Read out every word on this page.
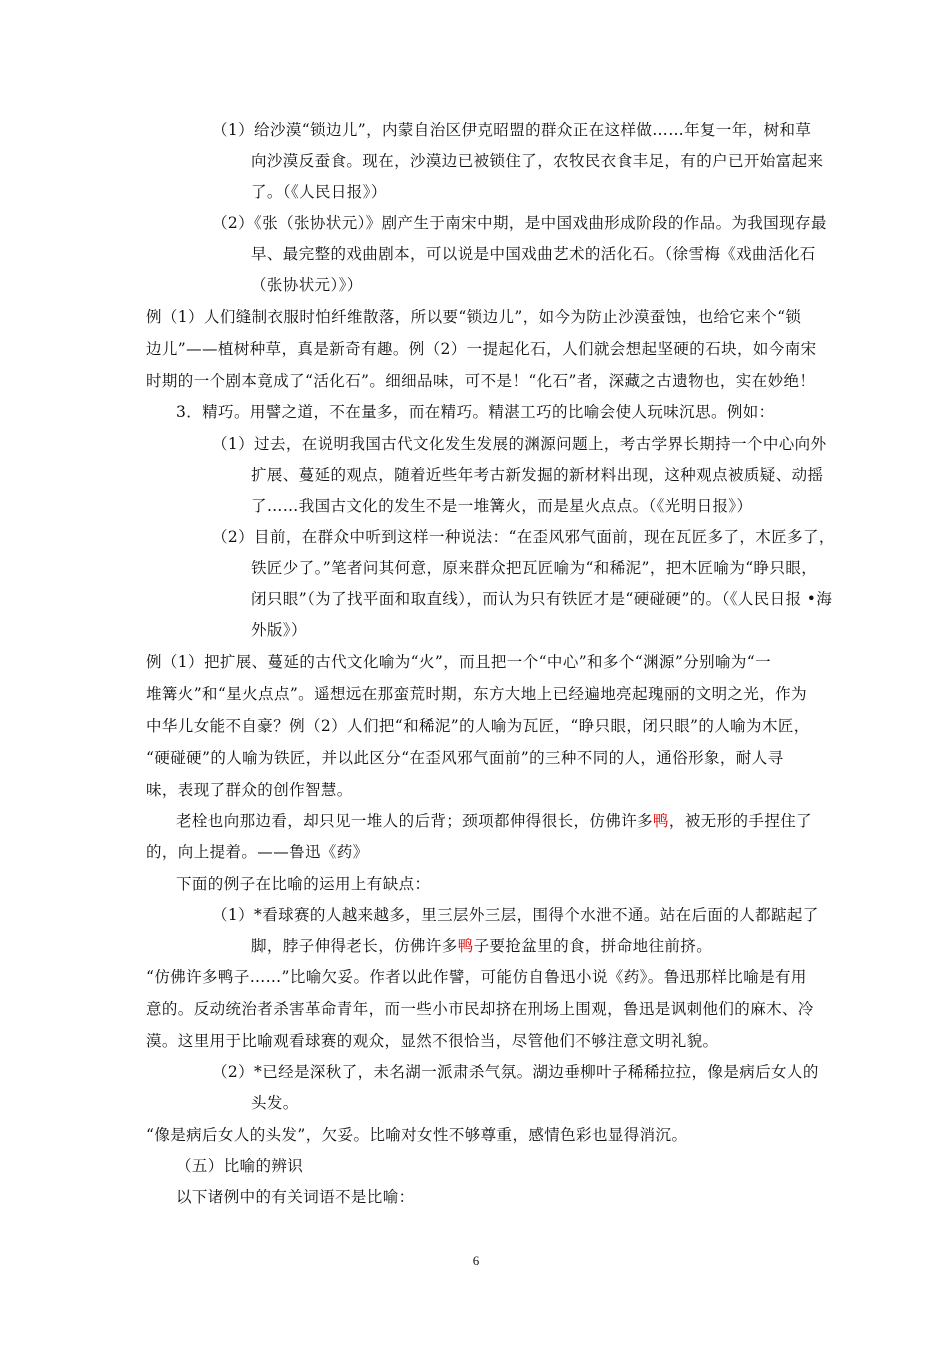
（1）给沙漠“锁边儿”，内蒙自治区伊克昭盟的群众正在这样做……年复一年，树和草
向沙漠反蚕食。现在，沙漠边已被锁住了，农牧民衣食丰足，有的户已开始富起来
了。（《人民日报》）
（2）《张（张协状元）》剧产生于南宋中期，是中国戏曲形成阶段的作品。为我国现存最
早、最完整的戏曲剧本，可以说是中国戏曲艺术的活化石。（徐雪梅《戏曲活化石
（张协状元）》）
例（1）人们缝制衣服时怕纤维散落，所以要“锁边儿”，如今为防止沙漠蚕蚀，也给它来个“锁
边儿”——植树种草，真是新奇有趣。例（2）一提起化石，人们就会想起坚硬的石块，如今南宋
时期的一个剧本竟成了“活化石”。细细品味，可不是！“化石”者，深藏之古遗物也，实在妙绝！
3．精巧。用譬之道，不在量多，而在精巧。精湛工巧的比喻会使人玩味沉思。例如：
（1）过去，在说明我国古代文化发生发展的渊源问题上，考古学界长期持一个中心向外
扩展、蔓延的观点，随着近些年考古新发掘的新材料出现，这种观点被质疑、动摇
了……我国古文化的发生不是一堆篝火，而是星火点点。（《光明日报》）
（2）目前，在群众中听到这样一种说法：“在歪风邪气面前，现在瓦匠多了，木匠多了，
铁匠少了。”笔者问其何意，原来群众把瓦匠喻为“和稀泥”，把木匠喻为“睁只眼，
闭只眼”（为了找平面和取直线），而认为只有铁匠才是“硬碰硬”的。（《人民日报 •海
外版》）
例（1）把扩展、蔓延的古代文化喻为“火”，而且把一个“中心”和多个“渊源”分别喻为“一
堆篝火”和“星火点点”。遥想远在那蛮荒时期，东方大地上已经遍地亮起瑰丽的文明之光，作为
中华儿女能不自豪？例（2）人们把“和稀泥”的人喻为瓦匠，“睁只眼，闭只眼”的人喻为木匠，
“硬碰硬”的人喻为铁匠，并以此区分“在歪风邪气面前”的三种不同的人，通俗形象，耐人寻
味，表现了群众的创作智慧。
老栓也向那边看，却只见一堆人的后背；颈项都伸得很长，仿佛许多鸭，被无形的手捏住了
的，向上提着。——鲁迅《药》
下面的例子在比喻的运用上有缺点：
（1）*看球赛的人越来越多，里三层外三层，围得个水泄不通。站在后面的人都踮起了
脚，脖子伸得老长，仿佛许多鸭子要抢盆里的食，拼命地往前挤。
“仿佛许多鸭子……”比喻欠妥。作者以此作譬，可能仿自鲁迅小说《药》。鲁迅那样比喻是有用
意的。反动统治者杀害革命青年，而一些小市民却挤在刑场上围观，鲁迅是讽刺他们的麻木、冷
漠。这里用于比喻观看球赛的观众，显然不很恰当，尽管他们不够注意文明礼貌。
（2）*已经是深秋了，未名湖一派肃杀气氛。湖边垂柳叶子稀稀拉拉，像是病后女人的
头发。
“像是病后女人的头发”，欠妥。比喻对女性不够尊重，感情色彩也显得消沉。
（五）比喻的辨识
以下诸例中的有关词语不是比喻：
6
